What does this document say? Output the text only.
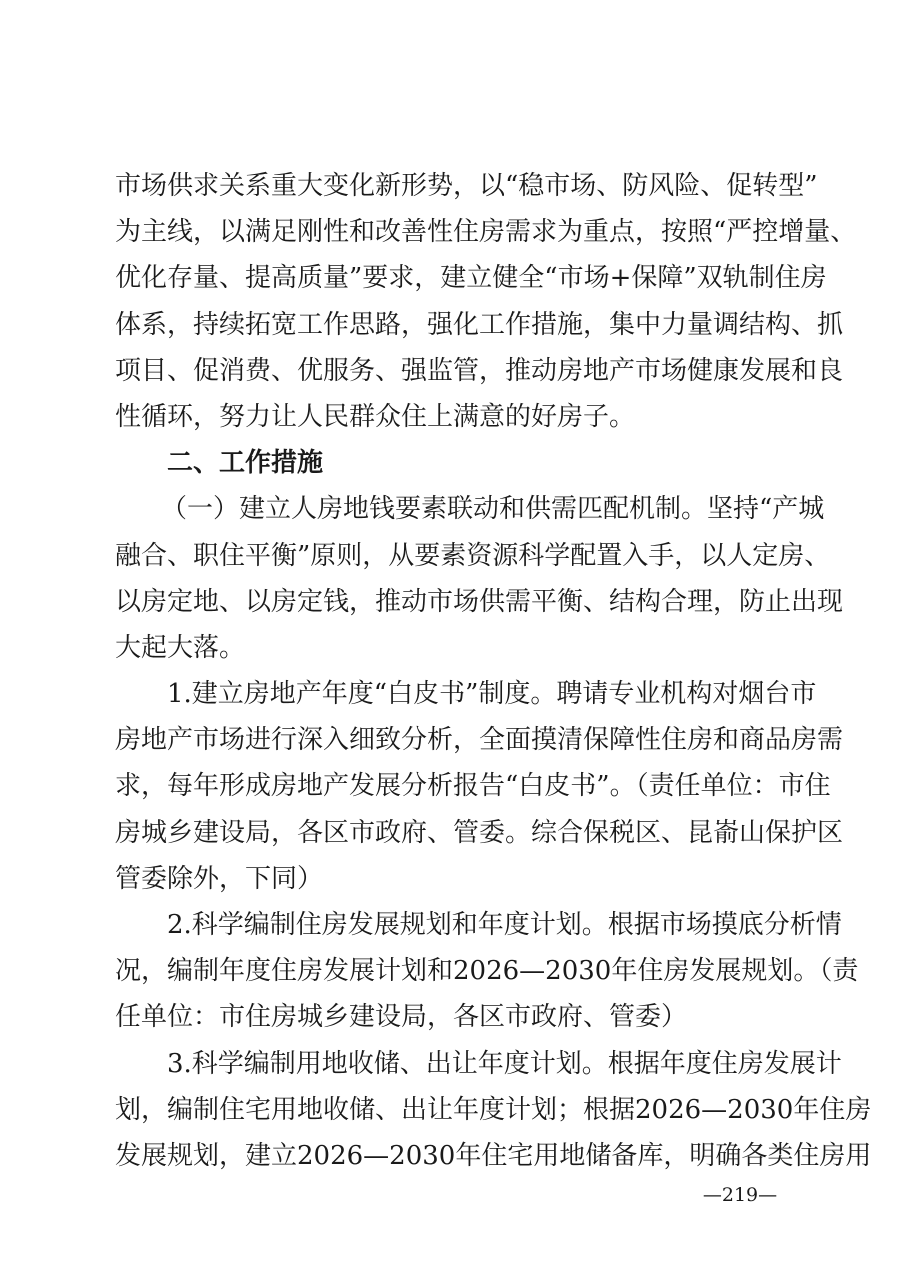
市场供求关系重大变化新形势，以“稳市场、防风险、促转型”
为主线，以满足刚性和改善性住房需求为重点，按照“严控增量、
优化存量、提高质量”要求，建立健全“市场+保障”双轨制住房
体系，持续拓宽工作思路，强化工作措施，集中力量调结构、抓
项目、促消费、优服务、强监管，推动房地产市场健康发展和良
性循环，努力让人民群众住上满意的好房子。
二、工作措施
（一）建立人房地钱要素联动和供需匹配机制。坚持“产城
融合、职住平衡”原则，从要素资源科学配置入手，以人定房、
以房定地、以房定钱，推动市场供需平衡、结构合理，防止出现
大起大落。
1.建立房地产年度“白皮书”制度。聘请专业机构对烟台市
房地产市场进行深入细致分析，全面摸清保障性住房和商品房需
求，每年形成房地产发展分析报告“白皮书”。（责任单位：市住
房城乡建设局，各区市政府、管委。综合保税区、昆嵛山保护区
管委除外，下同）
2.科学编制住房发展规划和年度计划。根据市场摸底分析情
况，编制年度住房发展计划和2026—2030年住房发展规划。（责
任单位：市住房城乡建设局，各区市政府、管委）
3.科学编制用地收储、出让年度计划。根据年度住房发展计
划，编制住宅用地收储、出让年度计划；根据2026—2030年住房
发展规划，建立2026—2030年住宅用地储备库，明确各类住房用
—219—
